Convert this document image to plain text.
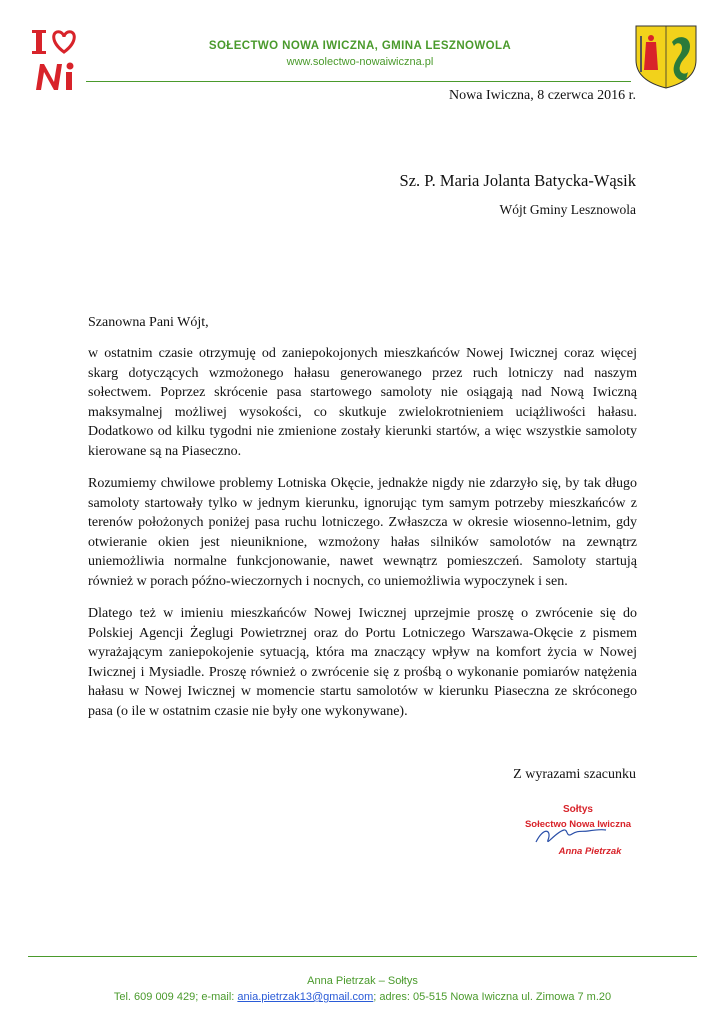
SOŁECTWO NOWA IWICZNA, GMINA LESZNOWOLA
www.solectwo-nowaiwiczna.pl
Nowa Iwiczna, 8 czerwca 2016 r.
Sz. P. Maria Jolanta Batycka-Wąsik
Wójt Gminy Lesznowola
Szanowna Pani Wójt,

w ostatnim czasie otrzymuję od zaniepokojonych mieszkańców Nowej Iwicznej coraz więcej skarg dotyczących wzmożonego hałasu generowanego przez ruch lotniczy nad naszym sołectwem. Poprzez skrócenie pasa startowego samoloty nie osiągają nad Nową Iwiczną maksymalnej możliwej wysokości, co skutkuje zwielokrotnieniem uciążliwości hałasu. Dodatkowo od kilku tygodni nie zmienione zostały kierunki startów, a więc wszystkie samoloty kierowane są na Piaseczno.

Rozumiemy chwilowe problemy Lotniska Okęcie, jednakże nigdy nie zdarzyło się, by tak długo samoloty startowały tylko w jednym kierunku, ignorując tym samym potrzeby mieszkańców z terenów położonych poniżej pasa ruchu lotniczego. Zwłaszcza w okresie wiosenno-letnim, gdy otwieranie okien jest nieuniknione, wzmożony hałas silników samolotów na zewnątrz uniemożliwia normalne funkcjonowanie, nawet wewnątrz pomieszczeń. Samoloty startują również w porach późno-wieczornych i nocnych, co uniemożliwia wypoczynek i sen.

Dlatego też w imieniu mieszkańców Nowej Iwicznej uprzejmie proszę o zwrócenie się do Polskiej Agencji Żeglugi Powietrznej oraz do Portu Lotniczego Warszawa-Okęcie z pismem wyrażającym zaniepokojenie sytuacją, która ma znaczący wpływ na komfort życia w Nowej Iwicznej i Mysiadle. Proszę również o zwrócenie się z prośbą o wykonanie pomiarów natężenia hałasu w Nowej Iwicznej w momencie startu samolotów w kierunku Piaseczna ze skróconego pasa (o ile w ostatnim czasie nie były one wykonywane).

Z wyrazami szacunku
Sołtys
Sołectwo Nowa Iwiczna
Anna Pietrzak
Anna Pietrzak – Sołtys
Tel. 609 009 429; e-mail: ania.pietrzak13@gmail.com; adres: 05-515 Nowa Iwiczna ul. Zimowa 7 m.20
